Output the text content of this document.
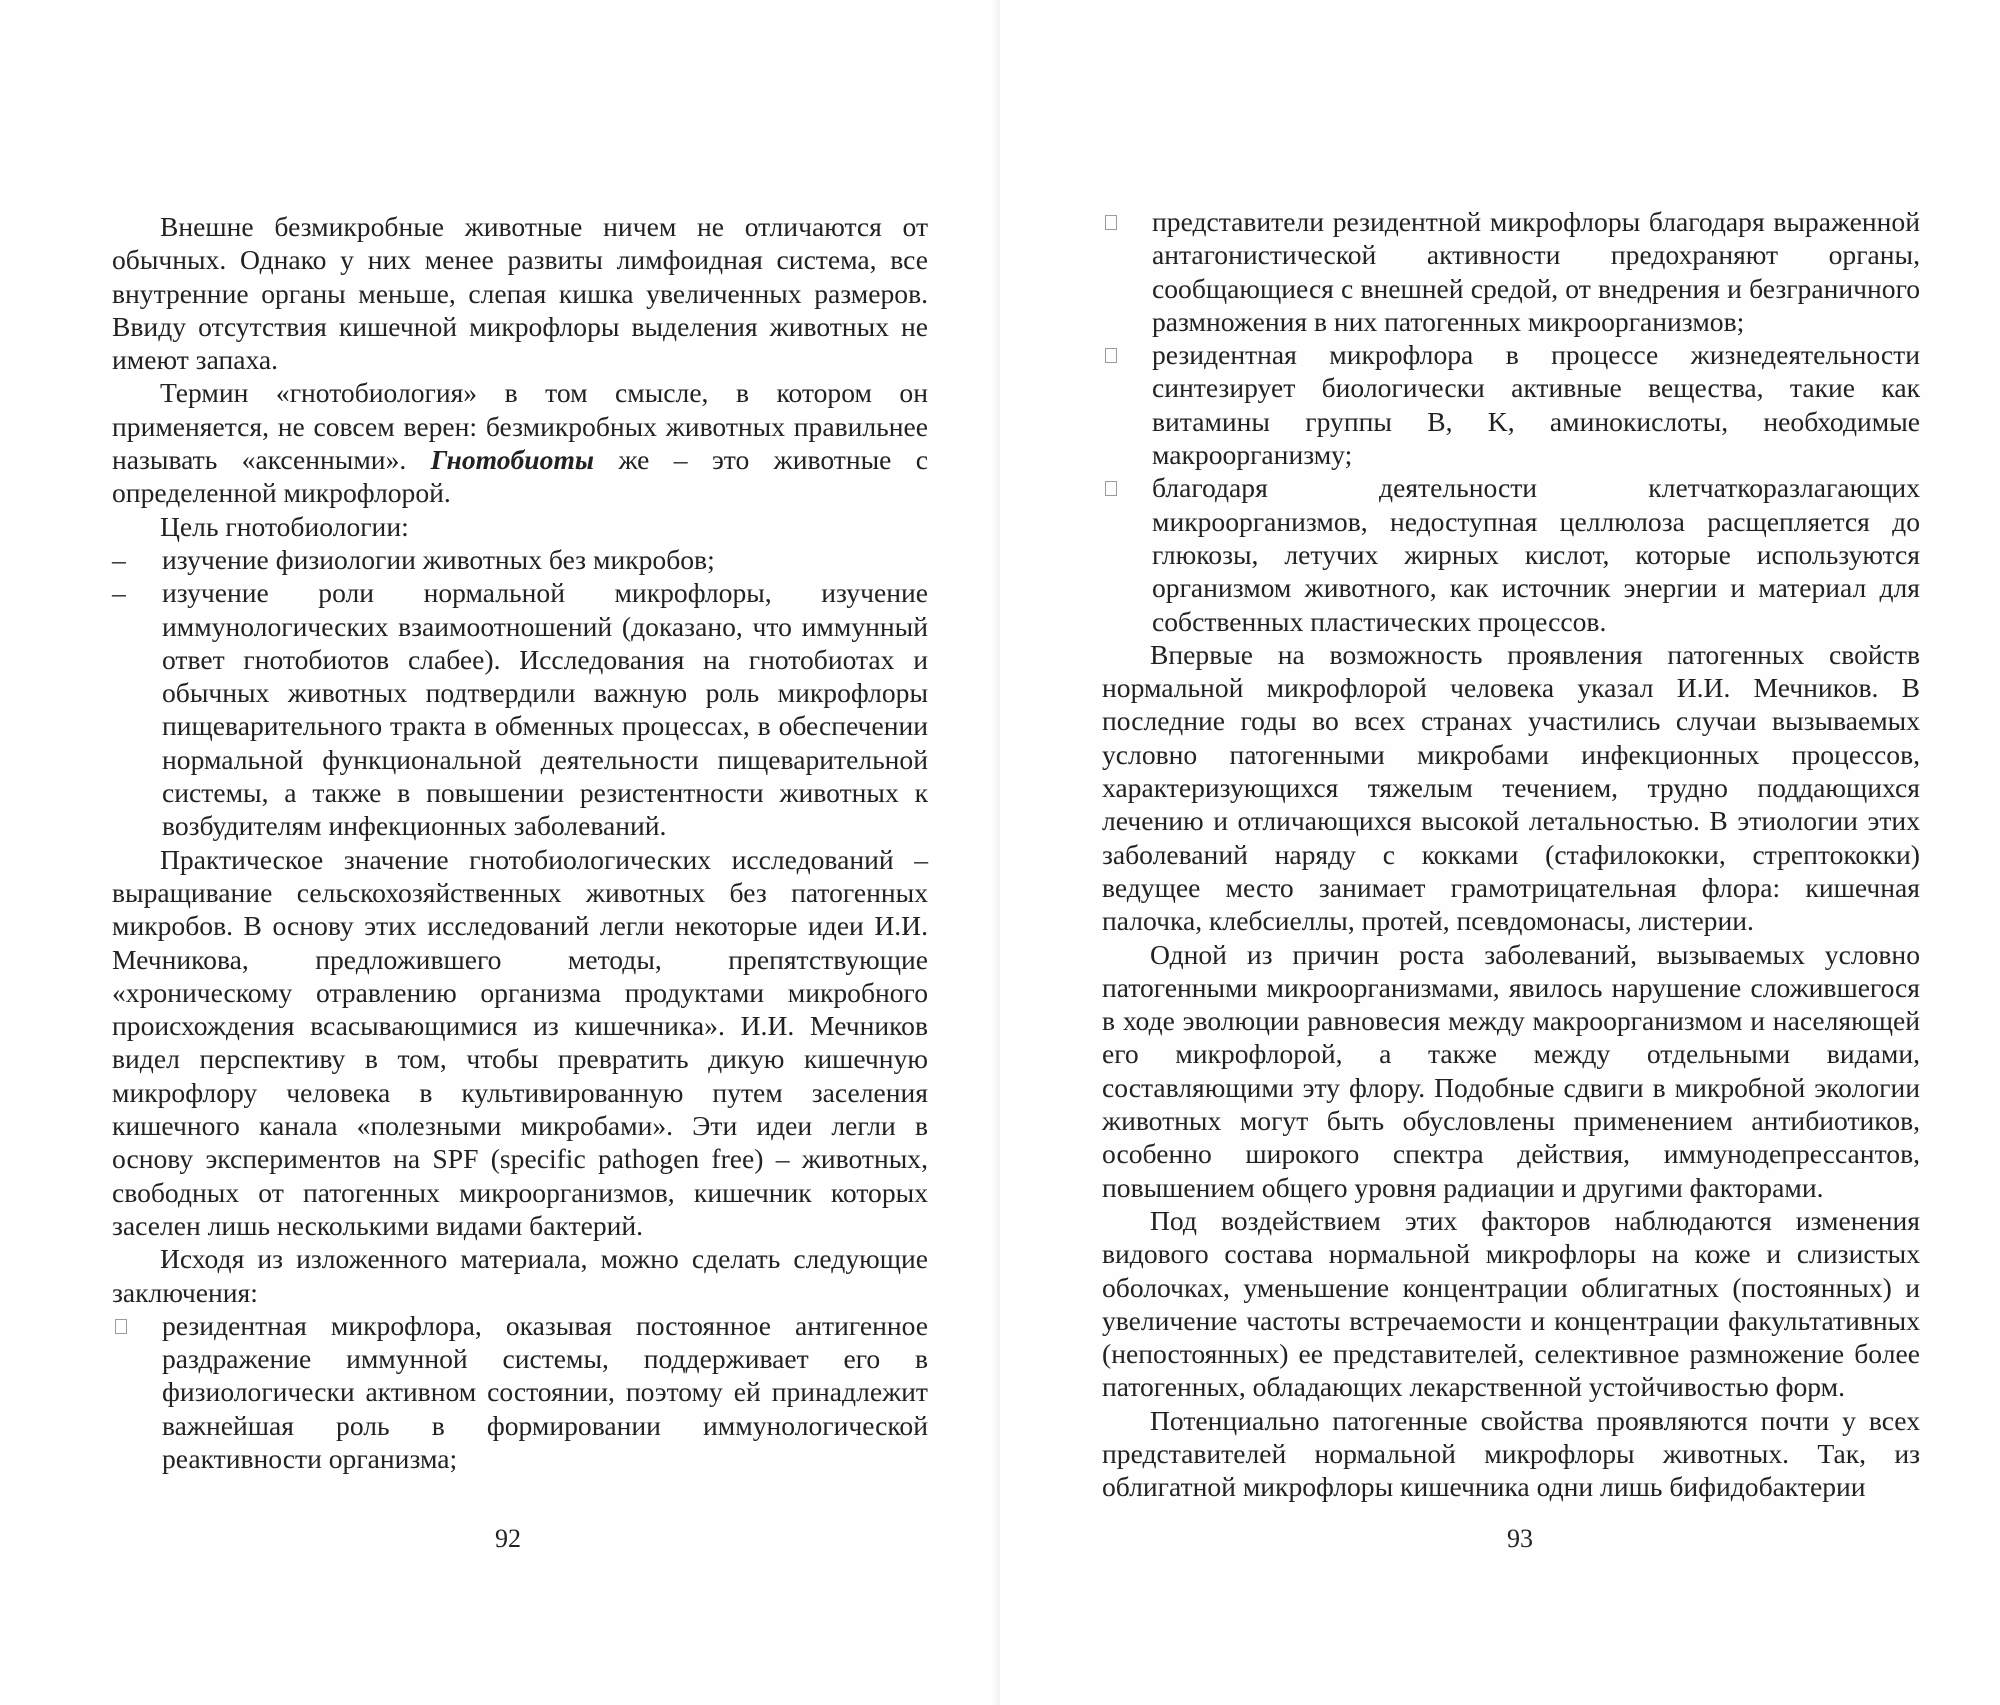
Внешне безмикробные животные ничем не отличаются от обычных. Однако у них менее развиты лимфоидная система, все внутренние органы меньше, слепая кишка увеличенных размеров. Ввиду отсутствия кишечной микрофлоры выделения животных не имеют запаха.

Термин «гнотобиология» в том смысле, в котором он применяется, не совсем верен: безмикробных животных правильнее называть «аксенными». Гнотобиоты же – это животные с определенной микрофлорой.

Цель гнотобиологии:

–	изучение физиологии животных без микробов;
–	изучение роли нормальной микрофлоры, изучение иммунологических взаимоотношений (доказано, что иммунный ответ гнотобиотов слабее). Исследования на гнотобиотах и обычных животных подтвердили важную роль микрофлоры пищеварительного тракта в обменных процессах, в обеспечении нормальной функциональной деятельности пищеварительной системы, а также в повышении резистентности животных к возбудителям инфекционных заболеваний.

Практическое значение гнотобиологических исследований – выращивание сельскохозяйственных животных без патогенных микробов. В основу этих исследований легли некоторые идеи И.И. Мечникова, предложившего методы, препятствующие «хроническому отравлению организма продуктами микробного происхождения всасывающимися из кишечника». И.И. Мечников видел перспективу в том, чтобы превратить дикую кишечную микрофлору человека в культивированную путем заселения кишечного канала «полезными микробами». Эти идеи легли в основу экспериментов на SPF (specific pathogen free) – животных, свободных от патогенных микроорганизмов, кишечник которых заселен лишь несколькими видами бактерий.

Исходя из изложенного материала, можно сделать следующие заключения:

резидентная микрофлора, оказывая постоянное антигенное раздражение иммунной системы, поддерживает его в физиологически активном состоянии, поэтому ей принадлежит важнейшая роль в формировании иммунологической реактивности организма;
92
представители резидентной микрофлоры благодаря выраженной антагонистической активности предохраняют органы, сообщающиеся с внешней средой, от внедрения и безграничного размножения в них патогенных микроорганизмов;
резидентная микрофлора в процессе жизнедеятельности синтезирует биологически активные вещества, такие как витамины группы B, K, аминокислоты, необходимые макроорганизму;
благодаря деятельности клетчаткоразлагающих микроорганизмов, недоступная целлюлоза расщепляется до глюкозы, летучих жирных кислот, которые используются организмом животного, как источник энергии и материал для собственных пластических процессов.

Впервые на возможность проявления патогенных свойств нормальной микрофлорой человека указал И.И. Мечников. В последние годы во всех странах участились случаи вызываемых условно патогенными микробами инфекционных процессов, характеризующихся тяжелым течением, трудно поддающихся лечению и отличающихся высокой летальностью. В этиологии этих заболеваний наряду с кокками (стафилококки, стрептококки) ведущее место занимает грамотрицательная флора: кишечная палочка, клебсиеллы, протей, псевдомонасы, листерии.

Одной из причин роста заболеваний, вызываемых условно патогенными микроорганизмами, явилось нарушение сложившегося в ходе эволюции равновесия между макроорганизмом и населяющей его микрофлорой, а также между отдельными видами, составляющими эту флору. Подобные сдвиги в микробной экологии животных могут быть обусловлены применением антибиотиков, особенно широкого спектра действия, иммунодепрессантов, повышением общего уровня радиации и другими факторами.

Под воздействием этих факторов наблюдаются изменения видового состава нормальной микрофлоры на коже и слизистых оболочках, уменьшение концентрации облигатных (постоянных) и увеличение частоты встречаемости и концентрации факультативных (непостоянных) ее представителей, селективное размножение более патогенных, обладающих лекарственной устойчивостью форм.

Потенциально патогенные свойства проявляются почти у всех представителей нормальной микрофлоры животных. Так, из облигатной микрофлоры кишечника одни лишь бифидобактерии

93
